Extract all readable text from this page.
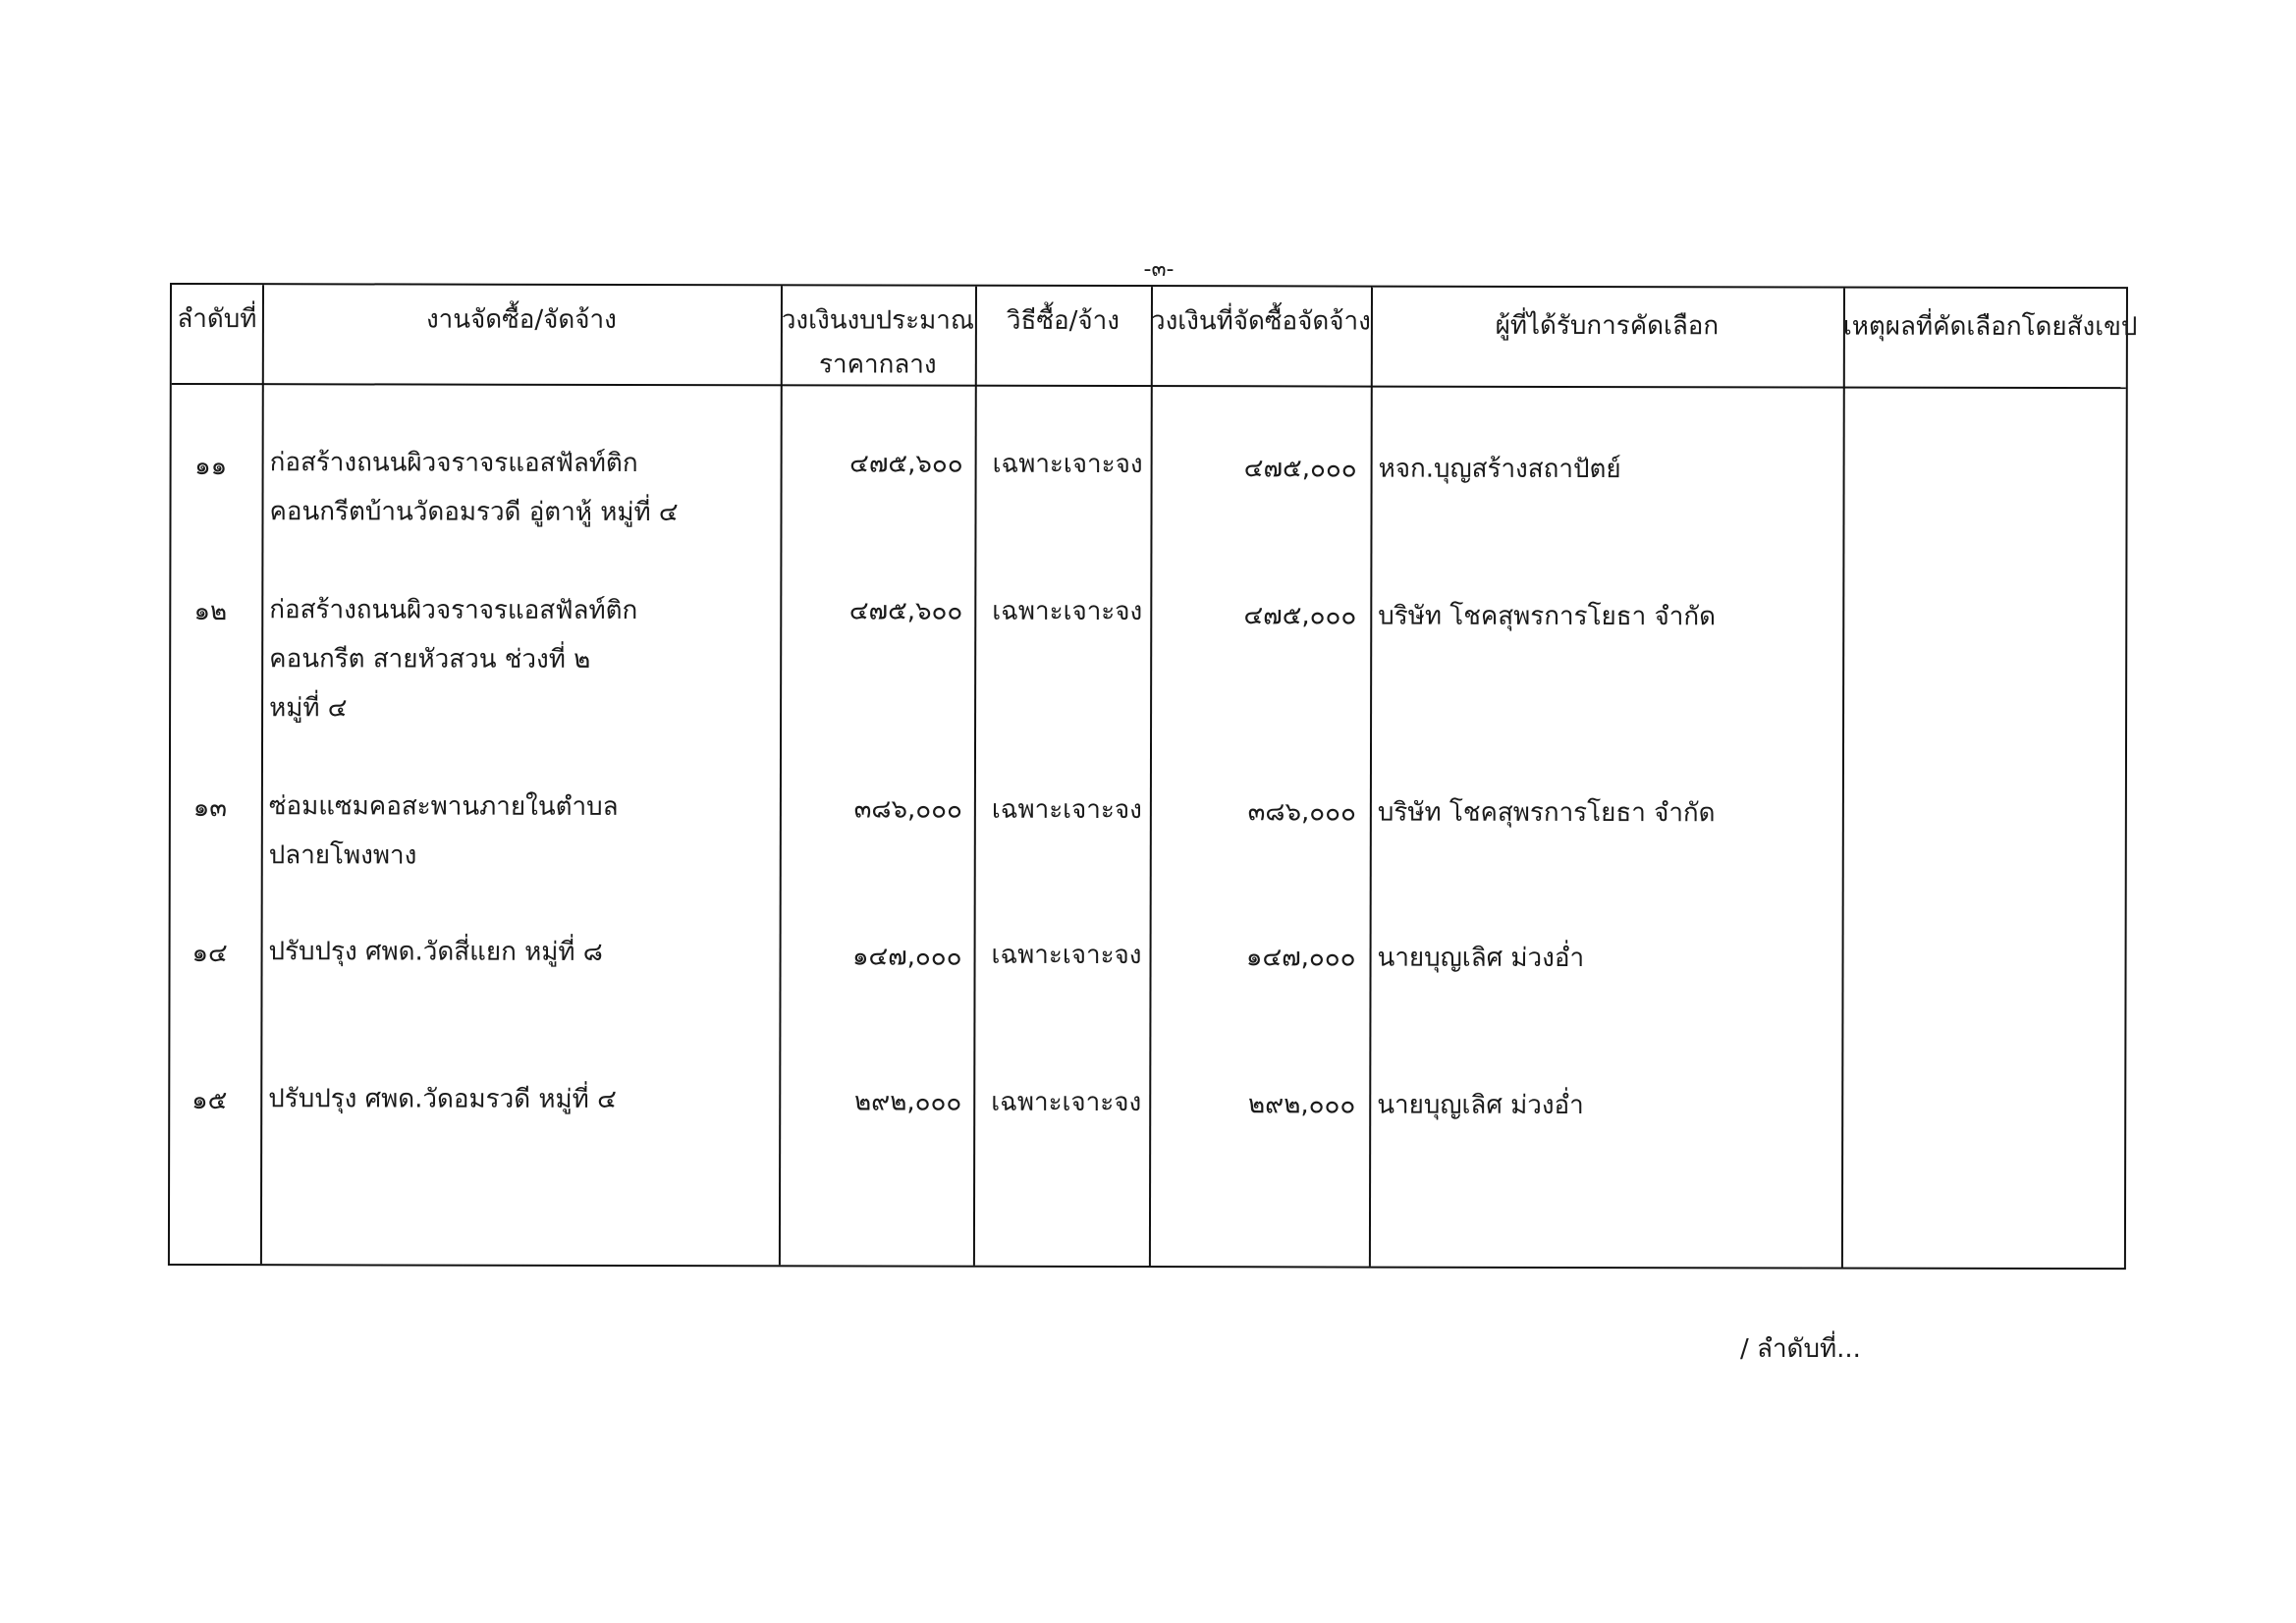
-๓-
ลำดับที่	งานจัดซื้อ/จัดจ้าง	วงเงินงบประมาณ
ราคากลาง
วิธีซื้อ/จ้าง	วงเงินที่จัดซื้อจัดจ้าง	ผู้ที่ได้รับการคัดเลือก	เหตุผลที่คัดเลือกโดยสังเขป
๑๑	ก่อสร้างถนนผิวจราจรแอสฟัลท์ติก
คอนกรีตบ้านวัดอมรวดี อู่ตาหู้ หมู่ที่ ๔
๔๗๕,๖๐๐ เฉพาะเจาะจง	๔๗๕,๐๐๐ หจก.บุญสร้างสถาปัตย์
๑๒	ก่อสร้างถนนผิวจราจรแอสฟัลท์ติก
คอนกรีต สายหัวสวน ช่วงที่ ๒
หมู่ที่ ๔
๔๗๕,๖๐๐ เฉพาะเจาะจง	๔๗๕,๐๐๐ บริษัท โชคสุพรการโยธา จำกัด
๑๓	ซ่อมแซมคอสะพานภายในตำบล
ปลายโพงพาง
๓๘๖,๐๐๐ เฉพาะเจาะจง	๓๘๖,๐๐๐ บริษัท โชคสุพรการโยธา จำกัด
๑๔	ปรับปรุง ศพด.วัดสี่แยก หมู่ที่ ๘	๑๔๗,๐๐๐ เฉพาะเจาะจง	๑๔๗,๐๐๐ นายบุญเลิศ ม่วงอ่ำ
๑๕	ปรับปรุง ศพด.วัดอมรวดี หมู่ที่ ๔	๒๙๒,๐๐๐ เฉพาะเจาะจง	๒๙๒,๐๐๐ นายบุญเลิศ ม่วงอ่ำ
/ ลำดับที่...
